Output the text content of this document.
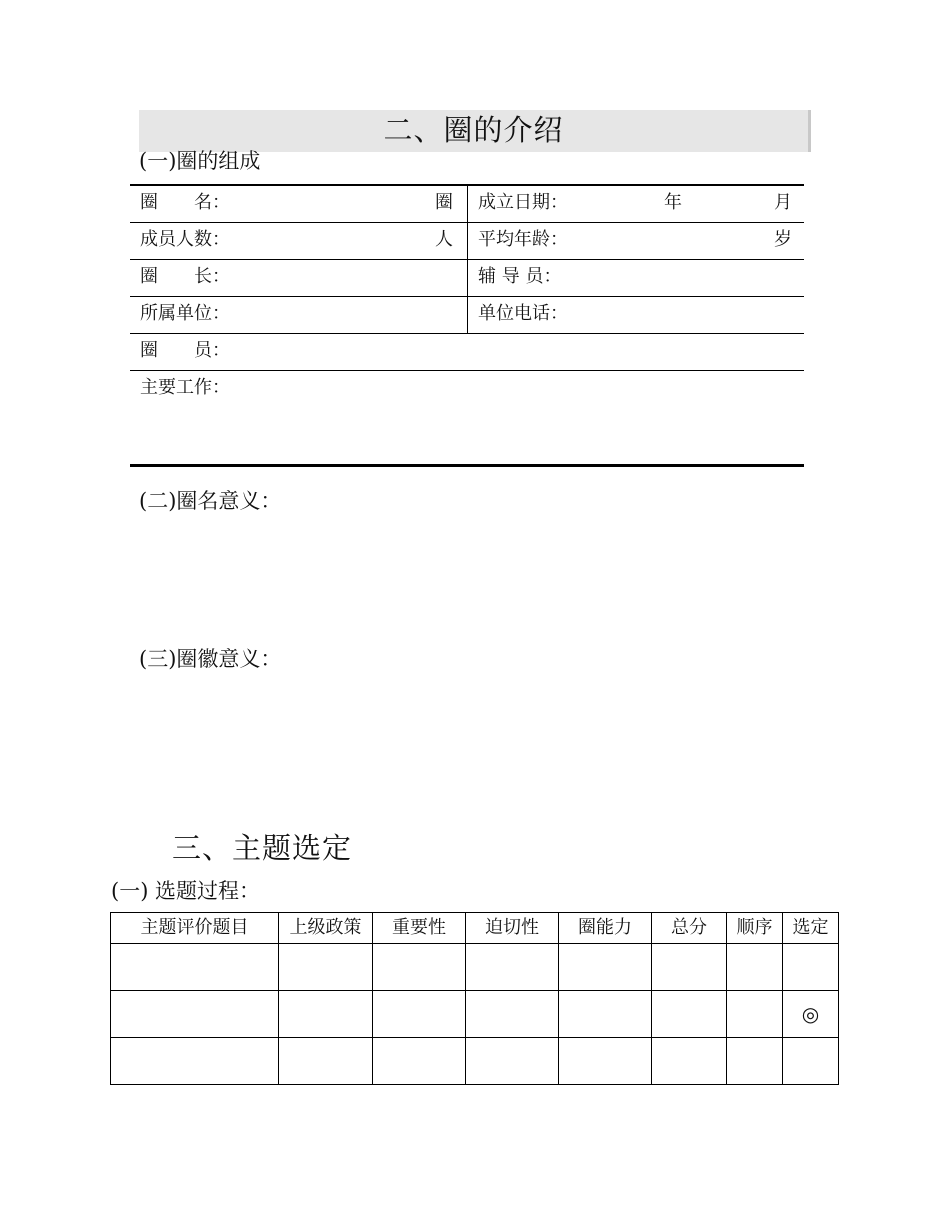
二、圈的介绍
(一)圈的组成
圈　　名：	圈	成立日期：	年	月
成员人数：	人	平均年龄：	岁
圈　　长：	辅 导 员：
所属单位：	单位电话：
圈　　员：
主要工作：
(二)圈名意义：
(三)圈徽意义：
三、主题选定
(一) 选题过程：
主题评价题目	上级政策	重要性	迫切性	圈能力	总分	顺序	选定

							◎
